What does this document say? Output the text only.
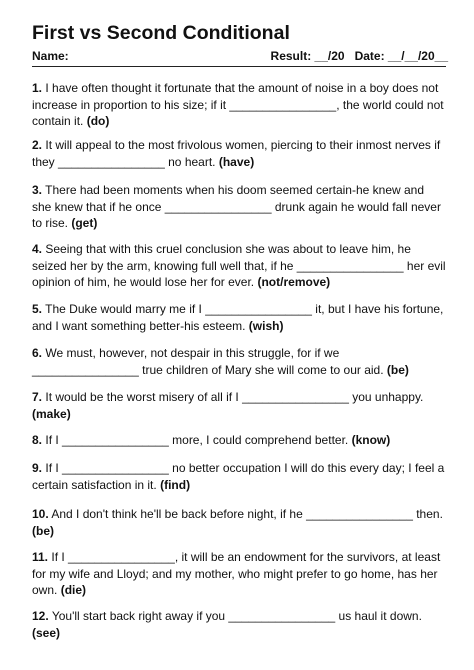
First vs Second Conditional
Name:	Result: __/20 Date: __/__/20__
1. I have often thought it fortunate that the amount of noise in a boy does not
increase in proportion to his size; if it ________________, the world could not
contain it. (do)
2. It will appeal to the most frivolous women, piercing to their inmost nerves if
they ________________ no heart. (have)
3. There had been moments when his doom seemed certain-he knew and
she knew that if he once ________________ drunk again he would fall never
to rise. (get)
4. Seeing that with this cruel conclusion she was about to leave him, he
seized her by the arm, knowing full well that, if he ________________ her evil
opinion of him, he would lose her for ever. (not/remove)
5. The Duke would marry me if I ________________ it, but I have his fortune,
and I want something better-his esteem. (wish)
6. We must, however, not despair in this struggle, for if we
________________ true children of Mary she will come to our aid. (be)
7. It would be the worst misery of all if I ________________ you unhappy.
(make)
8. If I ________________ more, I could comprehend better. (know)
9. If I ________________ no better occupation I will do this every day; I feel a
certain satisfaction in it. (find)
10. And I don't think he'll be back before night, if he ________________ then.
(be)
11. If I ________________, it will be an endowment for the survivors, at least
for my wife and Lloyd; and my mother, who might prefer to go home, has her
own. (die)
12. You'll start back right away if you ________________ us haul it down.
(see)
